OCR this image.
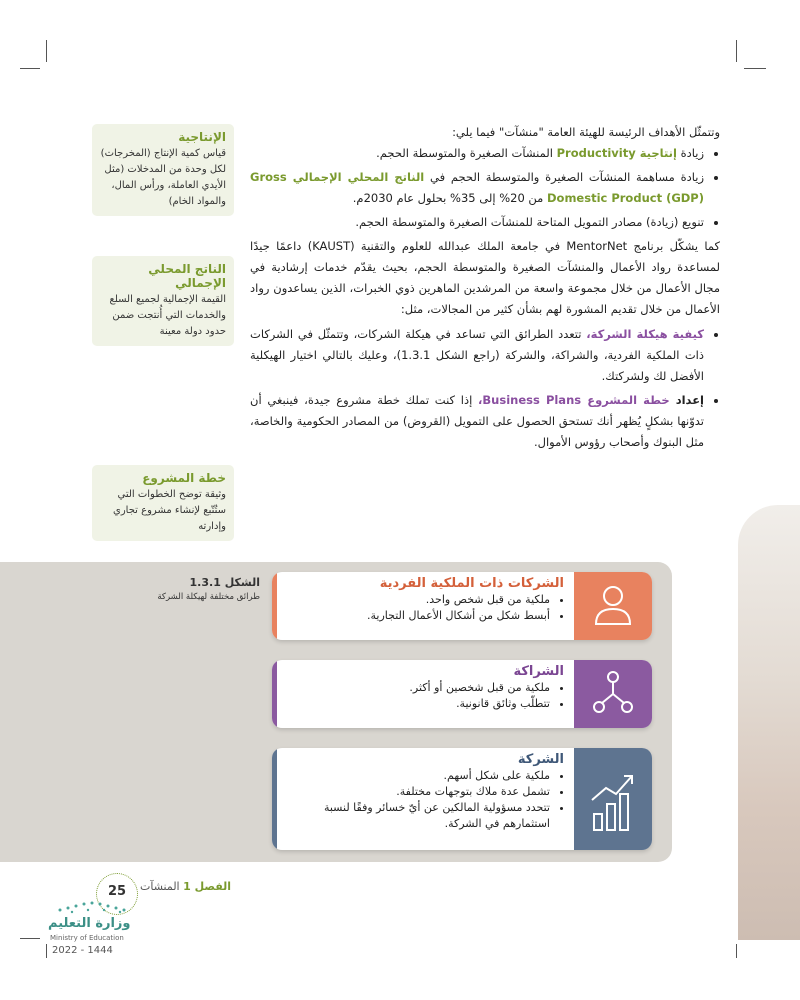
وتتمثّل الأهداف الرئيسة للهيئة العامة "منشآت" فيما يلي:

• زيادة إنتاجية Productivity المنشآت الصغيرة والمتوسطة الحجم.
• زيادة مساهمة المنشآت الصغيرة والمتوسطة الحجم في الناتج المحلي الإجمالي Gross Domestic Product (GDP) من 20% إلى 35% بحلول عام 2030م.
• تنويع (زيادة) مصادر التمويل المتاحة للمنشآت الصغيرة والمتوسطة الحجم.

كما يشكّل برنامج MentorNet في جامعة الملك عبدالله للعلوم والتقنية (KAUST) داعمًا جيدًا لمساعدة رواد الأعمال والمنشآت الصغيرة والمتوسطة الحجم، بحيث يقدّم خدمات إرشادية في مجال الأعمال من خلال مجموعة واسعة من المرشدين الماهرين ذوي الخبرات، الذين يساعدون رواد الأعمال من خلال تقديم المشورة لهم بشأن كثير من المجالات، مثل:

• كيفية هيكلة الشركة، تتعدد الطرائق التي تساعد في هيكلة الشركات، وتتمثّل في الشركات ذات الملكية الفردية، والشراكة، والشركة (راجع الشكل 1.3.1)، وعليك بالتالي اختيار الهيكلية الأفضل لك ولشركتك.
• إعداد خطة المشروع Business Plans، إذا كنت تملك خطة مشروع جيدة، فينبغي أن تدوّنها بشكلٍ يُظهر أنك تستحق الحصول على التمويل (القروض) من المصادر الحكومية والخاصة، مثل البنوك وأصحاب رؤوس الأموال.
الإنتاجية
قياس كمية الإنتاج (المخرجات) لكل وحدة من المدخلات (مثل الأيدي العاملة، ورأس المال، والمواد الخام)
الناتج المحلي الإجمالي
القيمة الإجمالية لجميع السلع والخدمات التي أُنتجت ضمن حدود دولة معينة
خطة المشروع
وثيقة توضح الخطوات التي ستُتّبع لإنشاء مشروع تجاري وإدارته
الشكل 1.3.1
طرائق مختلفة لهيكلة الشركة
الشركات ذات الملكية الفردية
• ملكية من قبل شخص واحد.
• أبسط شكل من أشكال الأعمال التجارية.
الشراكة
• ملكية من قبل شخصين أو أكثر.
• تتطلّب وثائق قانونية.
الشركة
• ملكية على شكل أسهم.
• تشمل عدة ملاك بتوجهات مختلفة.
• تتحدد مسؤولية المالكين عن أيّ خسائر وفقًا لنسبة استثمارهم في الشركة.
25	الفصل 1 المنشآت
وزارة التعليم
Ministry of Education
2022 - 1444
